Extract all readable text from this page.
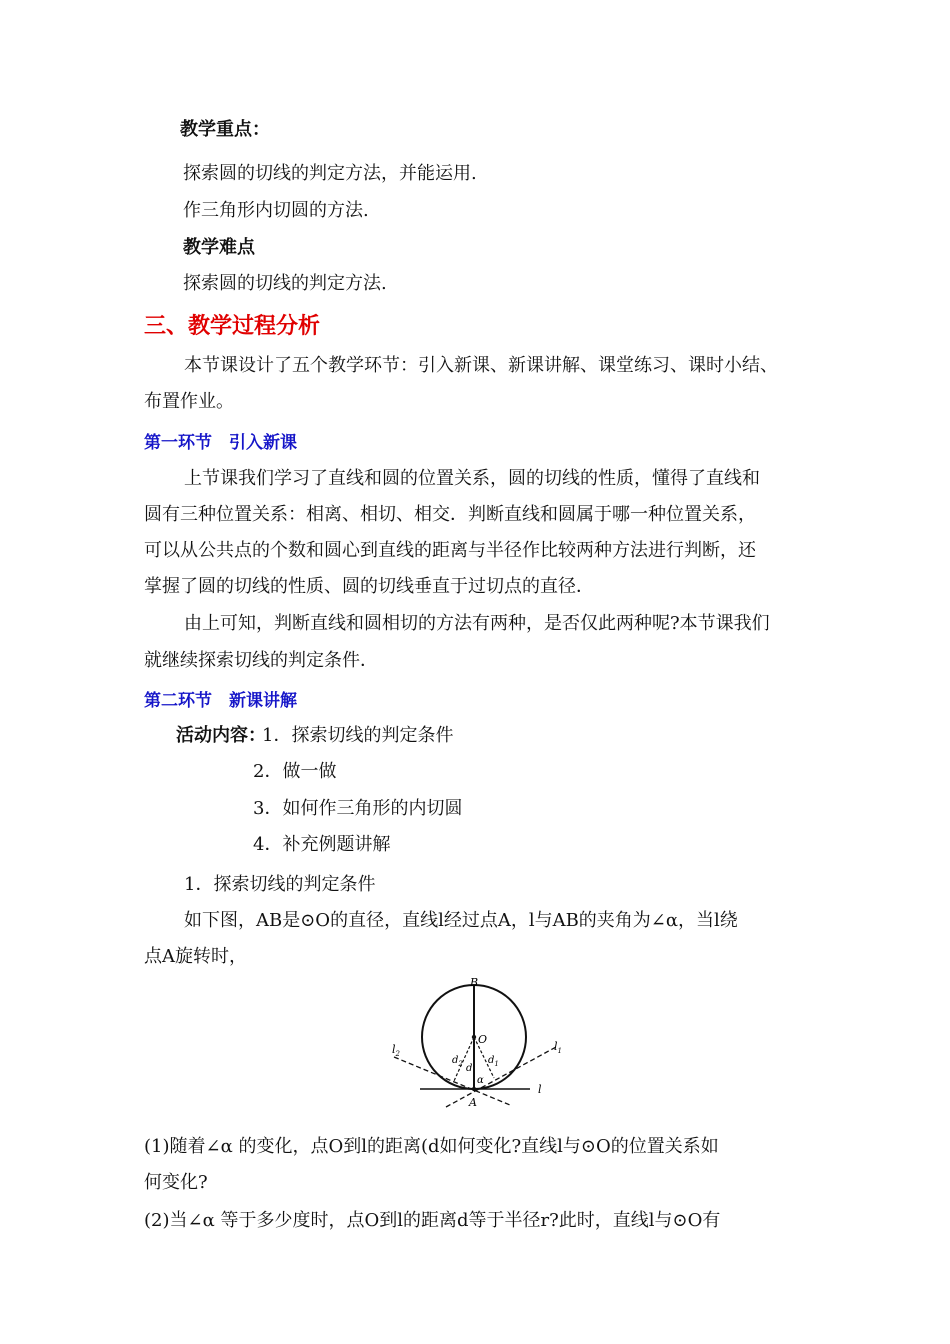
教学重点：
探索圆的切线的判定方法，并能运用.
作三角形内切圆的方法.
教学难点
探索圆的切线的判定方法.
三、教学过程分析
本节课设计了五个教学环节：引入新课、新课讲解、课堂练习、课时小结、
布置作业。
第一环节　引入新课
上节课我们学习了直线和圆的位置关系，圆的切线的性质，懂得了直线和
圆有三种位置关系：相离、相切、相交．判断直线和圆属于哪一种位置关系，
可以从公共点的个数和圆心到直线的距离与半径作比较两种方法进行判断，还
掌握了圆的切线的性质、圆的切线垂直于过切点的直径．
由上可知，判断直线和圆相切的方法有两种，是否仅此两种呢?本节课我们
就继续探索切线的判定条件．
第二环节　新课讲解
活动内容：
1．探索切线的判定条件
2．做一做
3．如何作三角形的内切圆
4．补充例题讲解
1．探索切线的判定条件
如下图，AB是⊙O的直径，直线l经过点A，l与AB的夹角为∠α，当l绕
点A旋转时，
B
O
A
l
$l_1$
$l_2$
d
$d_1$
$d_2$
α
(1)随着∠α 的变化，点O到l的距离(d如何变化?直线l与⊙O的位置关系如
何变化?
(2)当∠α 等于多少度时，点O到l的距离d等于半径r?此时，直线l与⊙O有
